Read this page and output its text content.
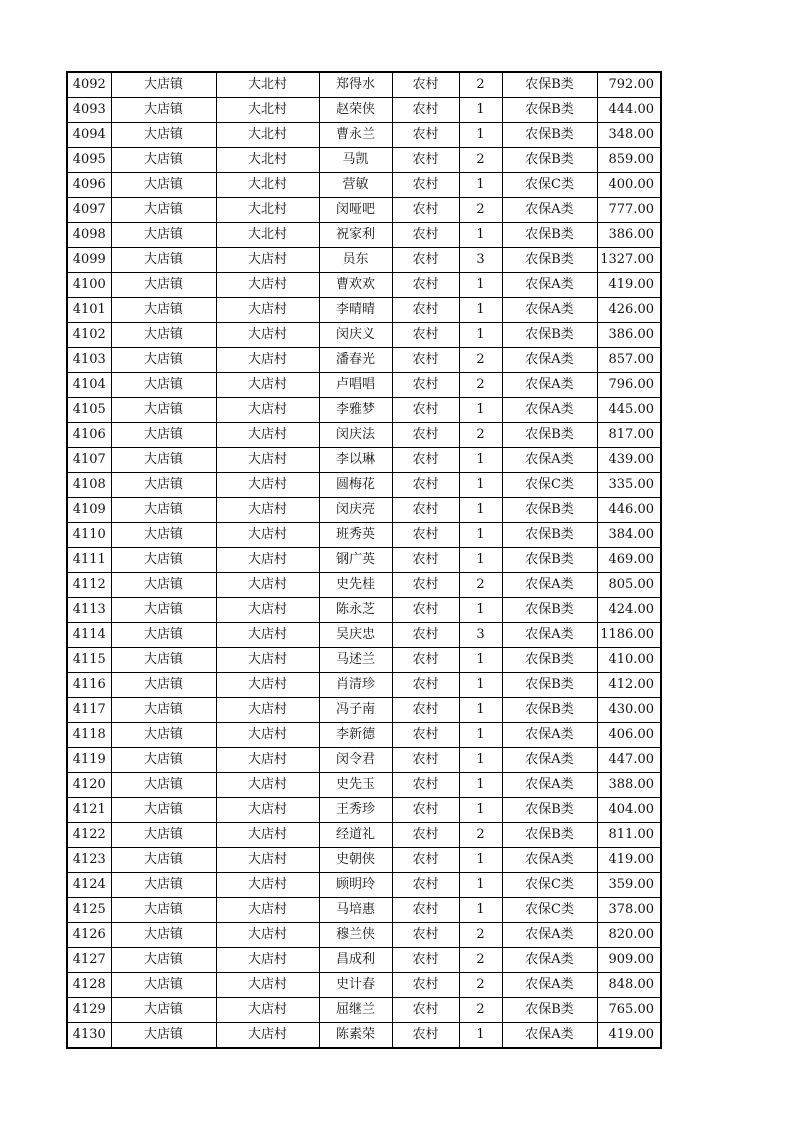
4092	大店镇	大北村	郑得水	农村	2	农保B类	792.00
4093	大店镇	大北村	赵荣侠	农村	1	农保B类	444.00
4094	大店镇	大北村	曹永兰	农村	1	农保B类	348.00
4095	大店镇	大北村	马凯	农村	2	农保B类	859.00
4096	大店镇	大北村	营敏	农村	1	农保C类	400.00
4097	大店镇	大北村	闵哑吧	农村	2	农保A类	777.00
4098	大店镇	大北村	祝家利	农村	1	农保B类	386.00
4099	大店镇	大店村	员东	农村	3	农保B类	1327.00
4100	大店镇	大店村	曹欢欢	农村	1	农保A类	419.00
4101	大店镇	大店村	李晴晴	农村	1	农保A类	426.00
4102	大店镇	大店村	闵庆义	农村	1	农保B类	386.00
4103	大店镇	大店村	潘春光	农村	2	农保A类	857.00
4104	大店镇	大店村	卢唱唱	农村	2	农保A类	796.00
4105	大店镇	大店村	李雅梦	农村	1	农保A类	445.00
4106	大店镇	大店村	闵庆法	农村	2	农保B类	817.00
4107	大店镇	大店村	李以琳	农村	1	农保A类	439.00
4108	大店镇	大店村	圆梅花	农村	1	农保C类	335.00
4109	大店镇	大店村	闵庆亮	农村	1	农保B类	446.00
4110	大店镇	大店村	班秀英	农村	1	农保B类	384.00
4111	大店镇	大店村	钢广英	农村	1	农保B类	469.00
4112	大店镇	大店村	史先桂	农村	2	农保A类	805.00
4113	大店镇	大店村	陈永芝	农村	1	农保B类	424.00
4114	大店镇	大店村	吴庆忠	农村	3	农保A类	1186.00
4115	大店镇	大店村	马述兰	农村	1	农保B类	410.00
4116	大店镇	大店村	肖清珍	农村	1	农保B类	412.00
4117	大店镇	大店村	冯子南	农村	1	农保B类	430.00
4118	大店镇	大店村	李新德	农村	1	农保A类	406.00
4119	大店镇	大店村	闵令君	农村	1	农保A类	447.00
4120	大店镇	大店村	史先玉	农村	1	农保A类	388.00
4121	大店镇	大店村	王秀珍	农村	1	农保B类	404.00
4122	大店镇	大店村	经道礼	农村	2	农保B类	811.00
4123	大店镇	大店村	史朝侠	农村	1	农保A类	419.00
4124	大店镇	大店村	顾明玲	农村	1	农保C类	359.00
4125	大店镇	大店村	马培惠	农村	1	农保C类	378.00
4126	大店镇	大店村	穆兰侠	农村	2	农保A类	820.00
4127	大店镇	大店村	昌成利	农村	2	农保A类	909.00
4128	大店镇	大店村	史计春	农村	2	农保A类	848.00
4129	大店镇	大店村	屈继兰	农村	2	农保B类	765.00
4130	大店镇	大店村	陈素荣	农村	1	农保A类	419.00
